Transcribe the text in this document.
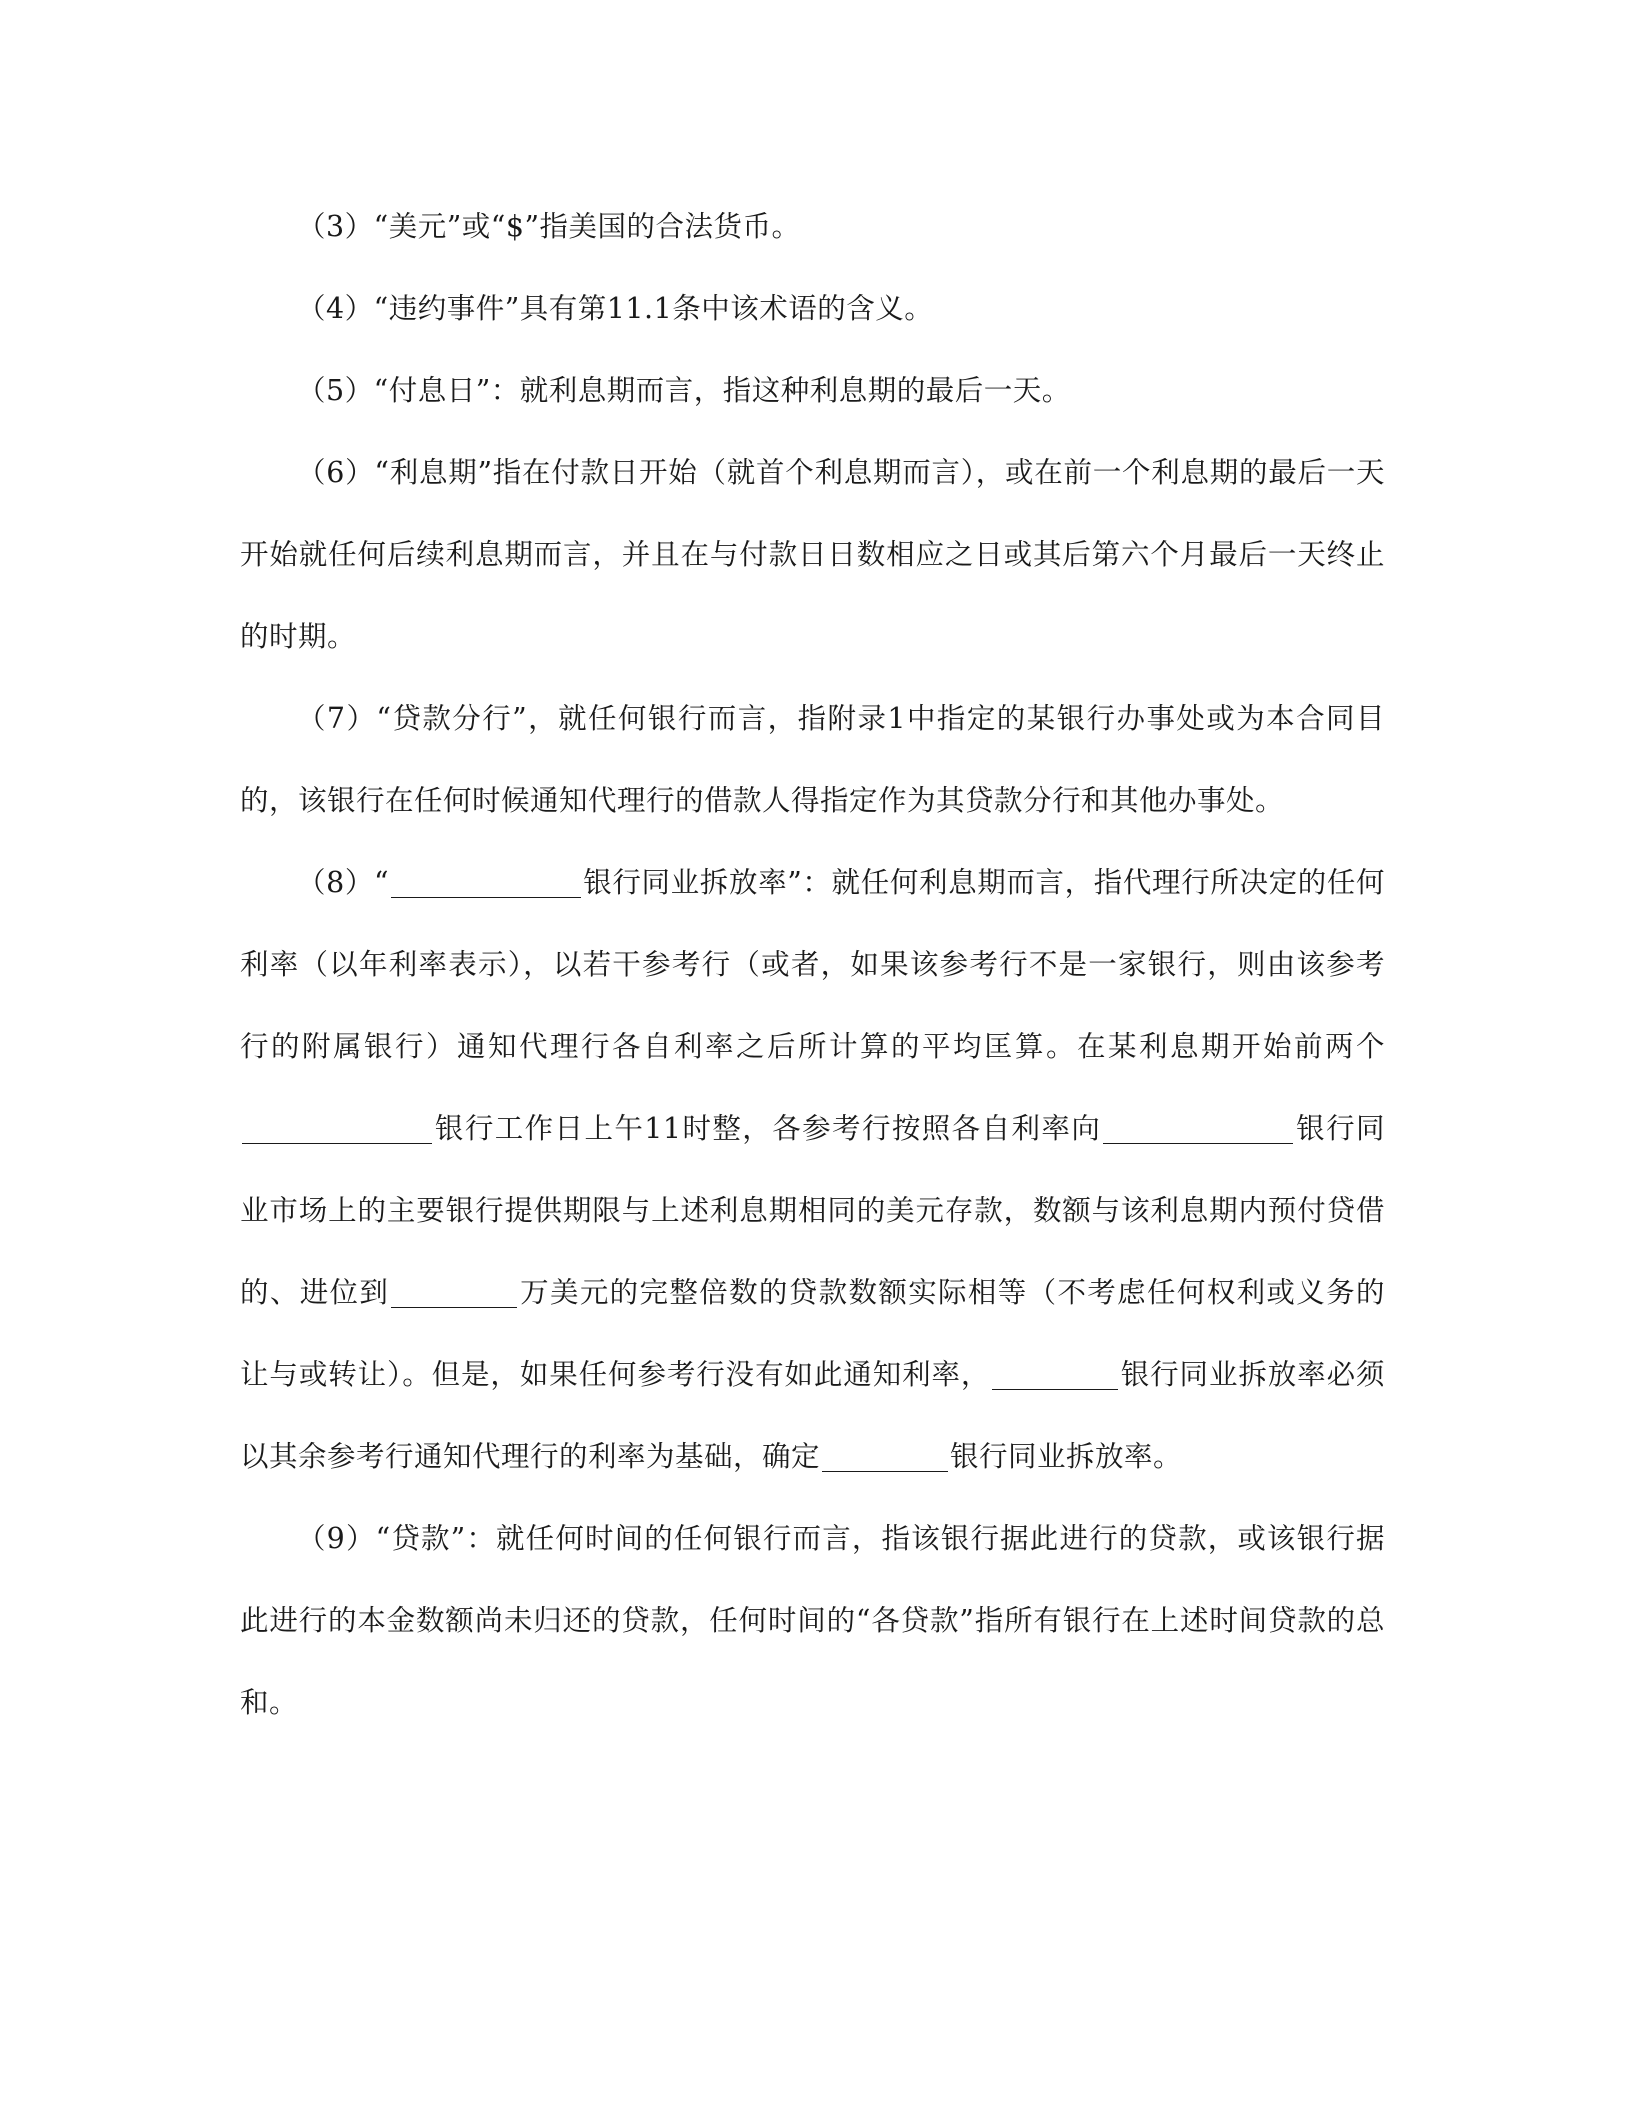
（3）“美元”或“$”指美国的合法货币。

（4）“违约事件”具有第11.1条中该术语的含义。

（5）“付息日”：就利息期而言，指这种利息期的最后一天。

（6）“利息期”指在付款日开始（就首个利息期而言），或在前一个利息期的最后一天开始就任何后续利息期而言，并且在与付款日日数相应之日或其后第六个月最后一天终止的时期。

（7）“贷款分行”，就任何银行而言，指附录1中指定的某银行办事处或为本合同目的，该银行在任何时候通知代理行的借款人得指定作为其贷款分行和其他办事处。

（8）“	银行同业拆放率”：就任何利息期而言，指代理行所决定的任何利率（以年利率表示），以若干参考行（或者，如果该参考行不是一家银行，则由该参考行的附属银行）通知代理行各自利率之后所计算的平均匡算。在某利息期开始前两个银行工作日上午11时整，各参考行按照各自利率向	银行同业市场上的主要银行提供期限与上述利息期相同的美元存款，数额与该利息期内预付贷借的、进位到	万美元的完整倍数的贷款数额实际相等（不考虑任何权利或义务的让与或转让）。但是，如果任何参考行没有如此通知利率，	银行同业拆放率必须以其余参考行通知代理行的利率为基础，确定	银行同业拆放率。

（9）“贷款”：就任何时间的任何银行而言，指该银行据此进行的贷款，或该银行据此进行的本金数额尚未归还的贷款，任何时间的“各贷款”指所有银行在上述时间贷款的总和。
